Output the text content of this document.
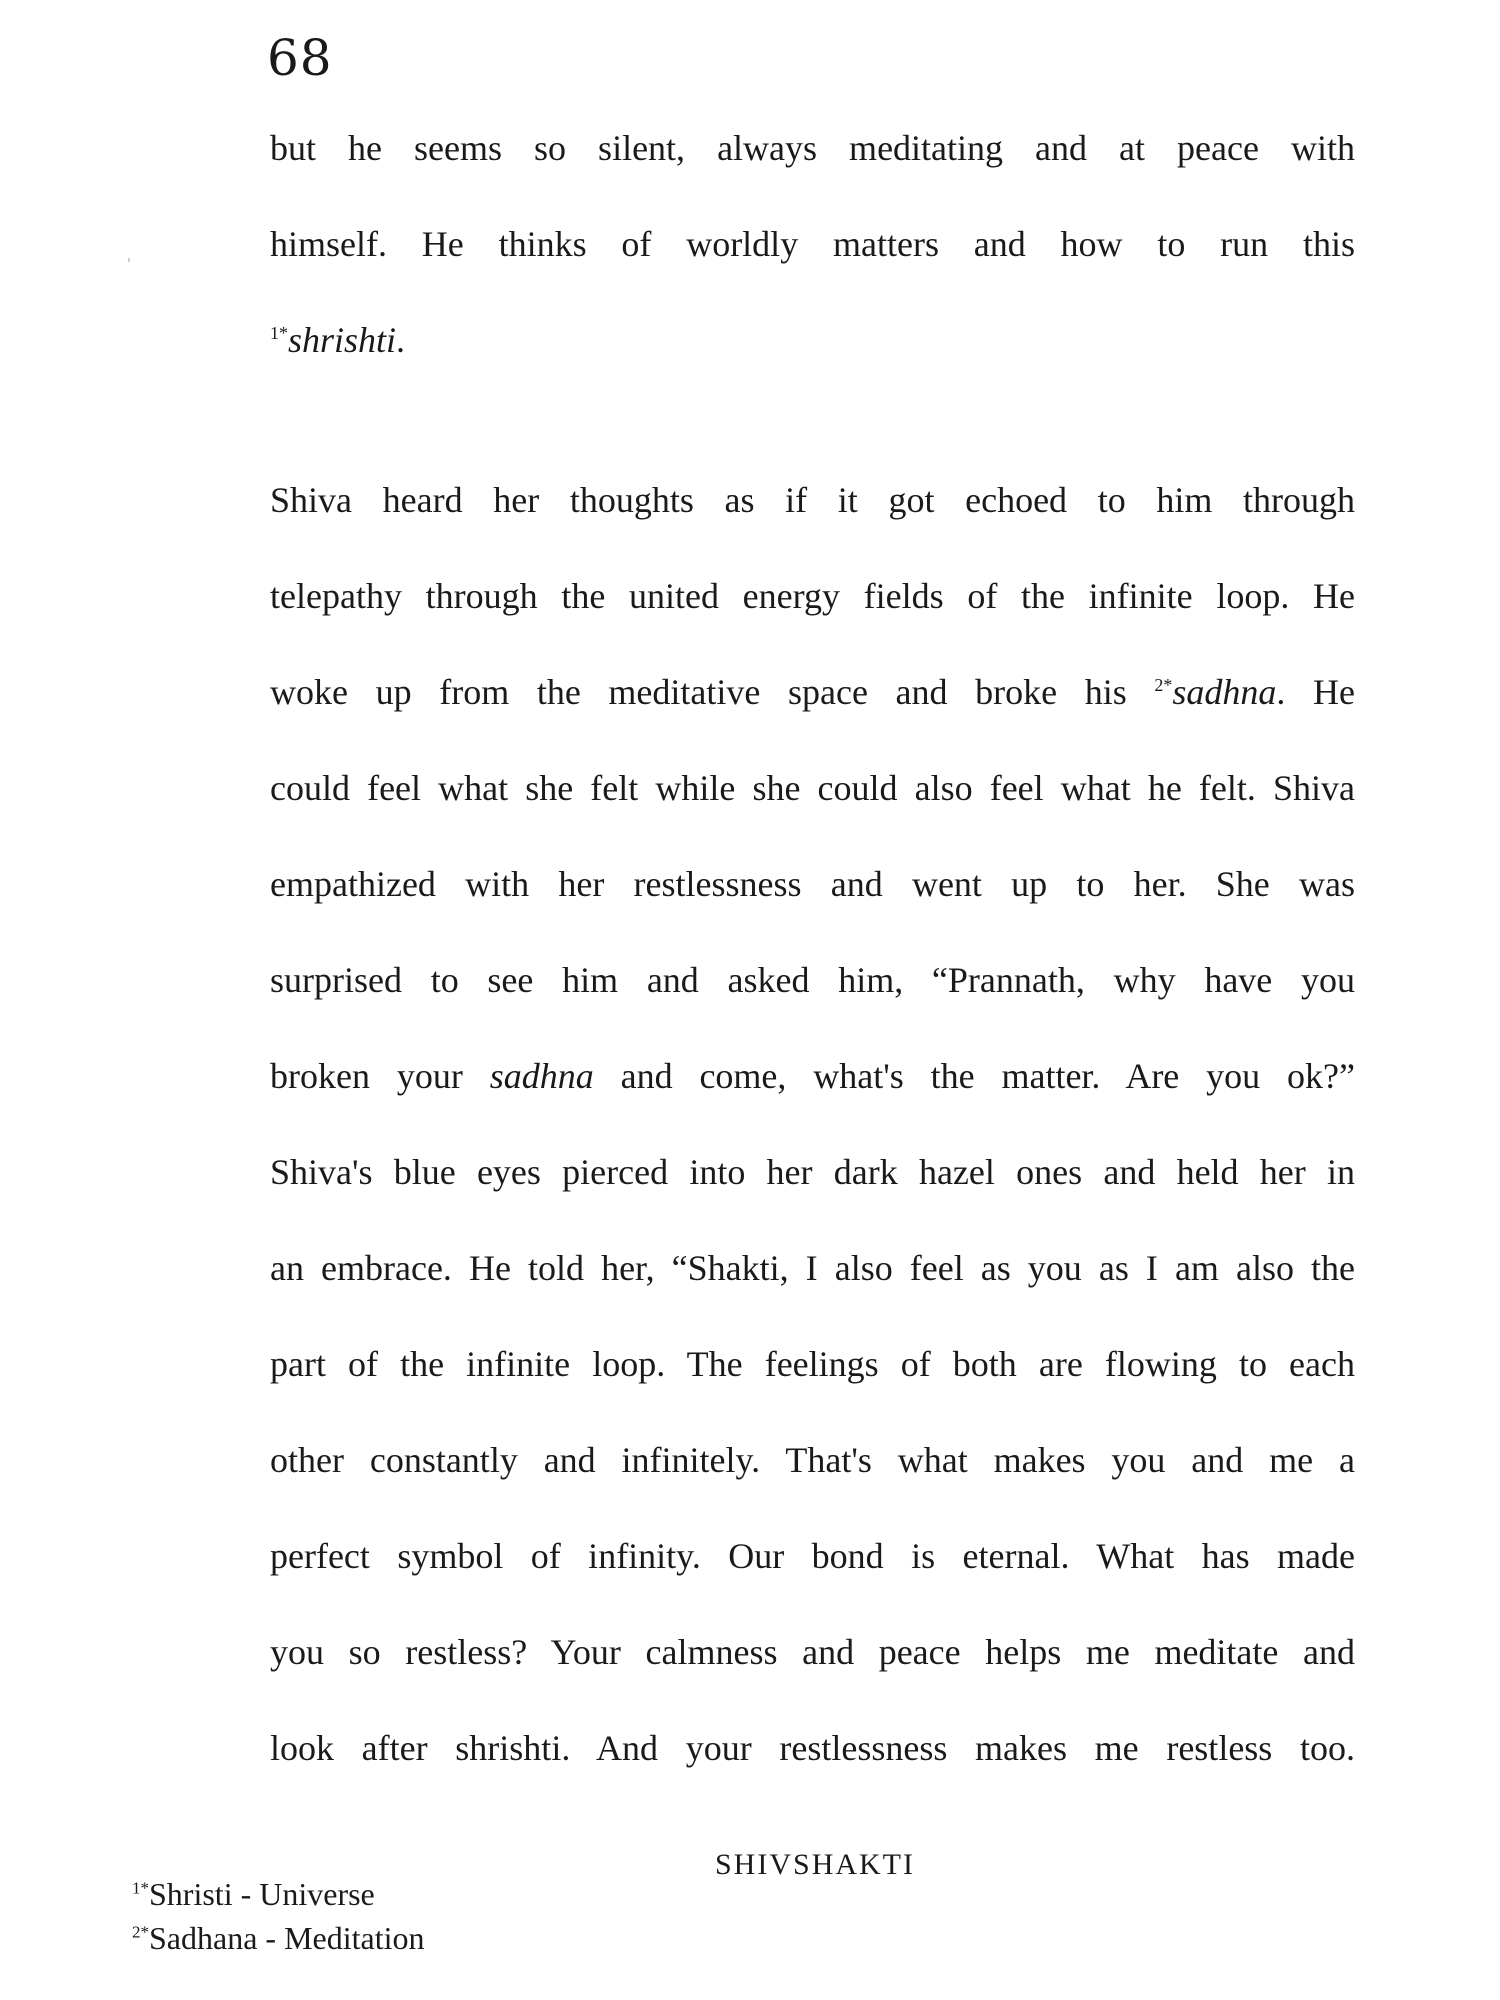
68
but he seems so silent, always meditating and at peace with
himself. He thinks of worldly matters and how to run this
$^{1*}$shrishti.
Shiva heard her thoughts as if it got echoed to him through
telepathy through the united energy fields of the infinite loop. He
woke up from the meditative space and broke his $^{2*}$sadhna. He
could feel what she felt while she could also feel what he felt. Shiva
empathized with her restlessness and went up to her. She was
surprised to see him and asked him, “Prannath, why have you
broken your sadhna and come, what's the matter. Are you ok?”
Shiva's blue eyes pierced into her dark hazel ones and held her in
an embrace. He told her, “Shakti, I also feel as you as I am also the
part of the infinite loop. The feelings of both are flowing to each
other constantly and infinitely. That's what makes you and me a
perfect symbol of infinity. Our bond is eternal. What has made
you so restless? Your calmness and peace helps me meditate and
look after shrishti. And your restlessness makes me restless too.
SHIVSHAKTI
$^{1*}$Shristi - Universe
$^{2*}$Sadhana - Meditation
